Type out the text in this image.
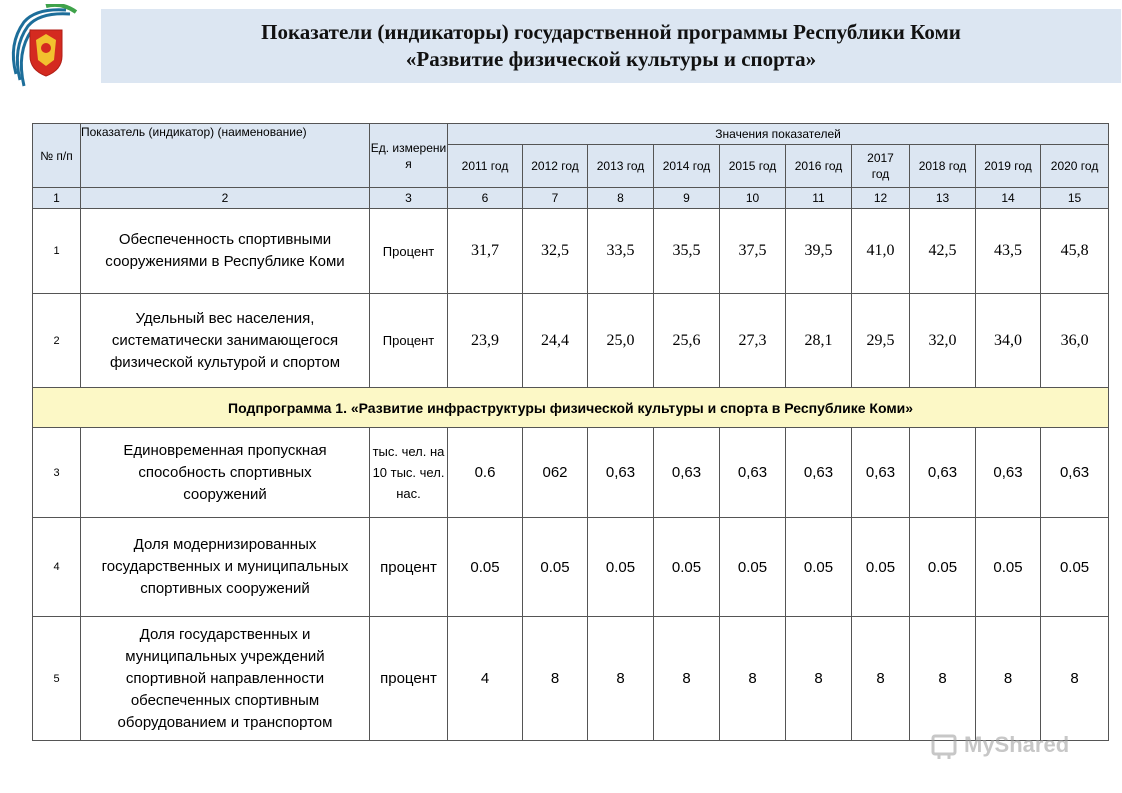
Показатели (индикаторы) государственной программы Республики Коми
«Развитие физической культуры и спорта»
№ п/п	Показатель (индикатор) (наименование)	Ед. измерени я	Значения показателей									
			2011 год	2012 год	2013 год	2014 год	2015 год	2016 год	2017 год	2018 год	2019 год	2020 год
1	2	3	6	7	8	9	10	11	12	13	14	15
1	Обеспеченность спортивными сооружениями в Республике Коми	Процент	31,7	32,5	33,5	35,5	37,5	39,5	41,0	42,5	43,5	45,8
2	Удельный вес населения, систематически занимающегося физической культурой и спортом	Процент	23,9	24,4	25,0	25,6	27,3	28,1	29,5	32,0	34,0	36,0
Подпрограмма 1. «Развитие инфраструктуры физической культуры и спорта в Республике Коми»												
3	Единовременная пропускная способность спортивных сооружений	тыс. чел. на 10 тыс. чел. нас.	0.6	062	0,63	0,63	0,63	0,63	0,63	0,63	0,63	0,63
4	Доля модернизированных государственных и муниципальных спортивных сооружений	процент	0.05	0.05	0.05	0.05	0.05	0.05	0.05	0.05	0.05	0.05
5	Доля государственных и муниципальных учреждений спортивной направленности обеспеченных спортивным оборудованием и транспортом	процент	4	8	8	8	8	8	8	8	8	8
MyShared
